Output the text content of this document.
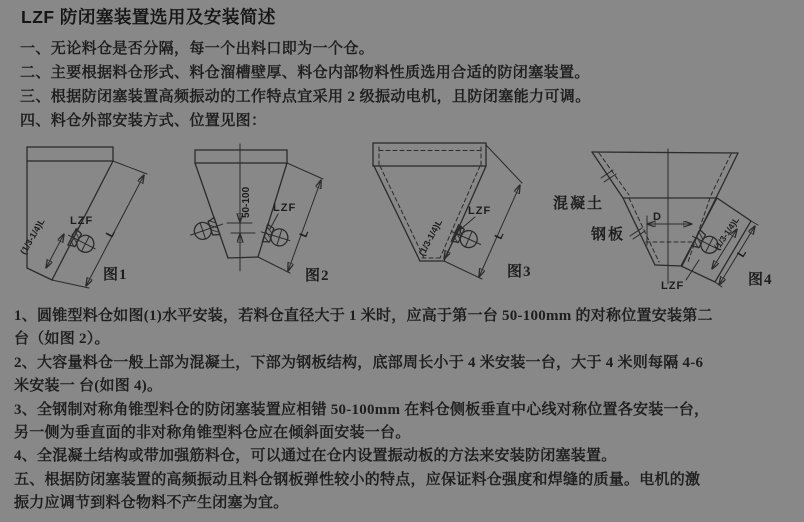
LZF 防闭塞装置选用及安装简述
一、无论料仓是否分隔，每一个出料口即为一个仓。
二、主要根据料仓形式、料仓溜槽壁厚、料仓内部物料性质选用合适的防闭塞装置。
三、根据防闭塞装置高频振动的工作特点宜采用 2 级振动电机，且防闭塞能力可调。
四、料仓外部安装方式、位置见图：
L
(1/3-1/4)L LZF
图1
50-100 LZF
L
图2
LZF
(1/3-1/4)L	L
图3
混凝土
钢板
D	(1/3-1/4)L
L
LZF	图4
1、圆锥型料仓如图(1)水平安装，若料仓直径大于 1 米时，应高于第一台 50-100mm 的对称位置安装第二
台（如图 2）。
2、大容量料仓一般上部为混凝土，下部为钢板结构，底部周长小于 4 米安装一台，大于 4 米则每隔 4-6
米安装一 台(如图 4)。
3、全钢制对称角锥型料仓的防闭塞装置应相错 50-100mm 在料仓侧板垂直中心线对称位置各安装一台，
另一侧为垂直面的非对称角锥型料仓应在倾斜面安装一台。
4、全混凝土结构或带加强筋料仓，可以通过在仓内设置振动板的方法来安装防闭塞装置。
五、根据防闭塞装置的高频振动且料仓钢板弹性较小的特点，应保证料仓强度和焊缝的质量。电机的激
振力应调节到料仓物料不产生闭塞为宜。
